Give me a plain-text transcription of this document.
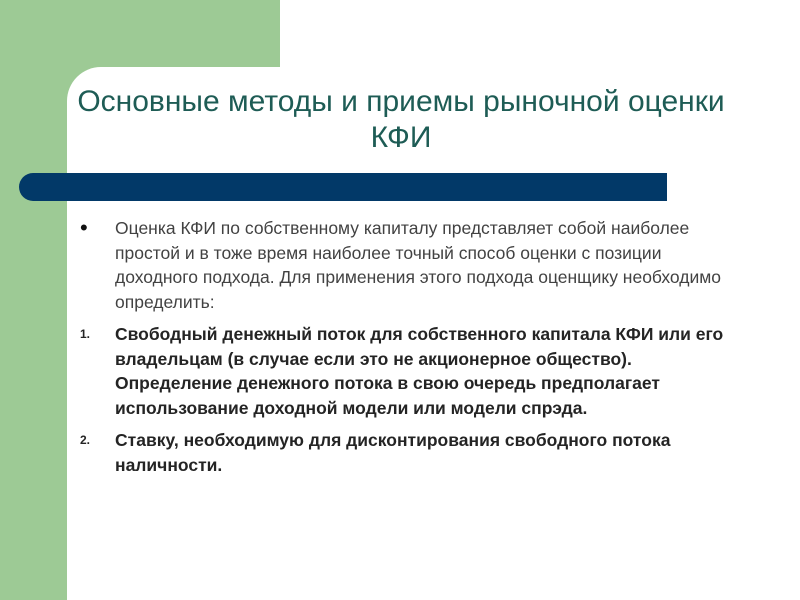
Основные методы и приемы рыночной оценки КФИ
• Оценка КФИ по собственному капиталу представляет собой наиболее простой и в тоже время наиболее точный способ оценки с позиции доходного подхода. Для применения этого подхода оценщику необходимо определить:
1. Свободный денежный поток для собственного капитала КФИ или его владельцам (в случае если это не акционерное общество). Определение денежного потока в свою очередь предполагает использование доходной модели или модели спрэда.
2. Ставку, необходимую для дисконтирования свободного потока наличности.
